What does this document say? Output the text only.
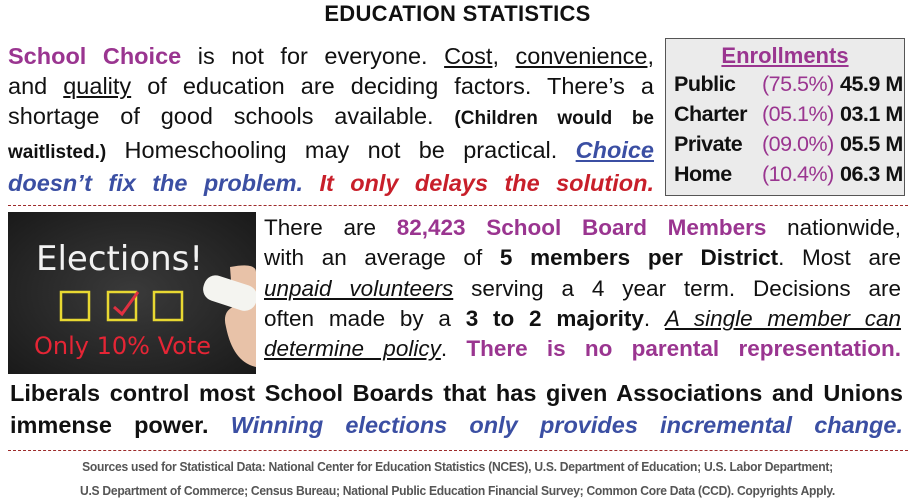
EDUCATION STATISTICS
School Choice is not for everyone. Cost, convenience,
and quality of education are deciding factors. There’s a
shortage of good schools available. (Children would be
waitlisted.) Homeschooling may not be practical. Choice
doesn’t fix the problem. It only delays the solution.
Enrollments
Public	(75.5%) 45.9 M
Charter (05.1%) 03.1 M
Private (09.0%) 05.5 M
Home	(10.4%) 06.3 M
Elections!
Only 10% Vote
There are 82,423 School Board Members nationwide,
with an average of 5 members per District. Most are
unpaid volunteers serving a 4 year term. Decisions are
often made by a 3 to 2 majority. A single member can
determine policy. There is no parental representation.
Liberals control most School Boards that has given Associations and Unions
immense power. Winning elections only provides incremental change.
Sources used for Statistical Data: National Center for Education Statistics (NCES), U.S. Department of Education; U.S. Labor Department;
U.S Department of Commerce; Census Bureau; National Public Education Financial Survey; Common Core Data (CCD). Copyrights Apply.
